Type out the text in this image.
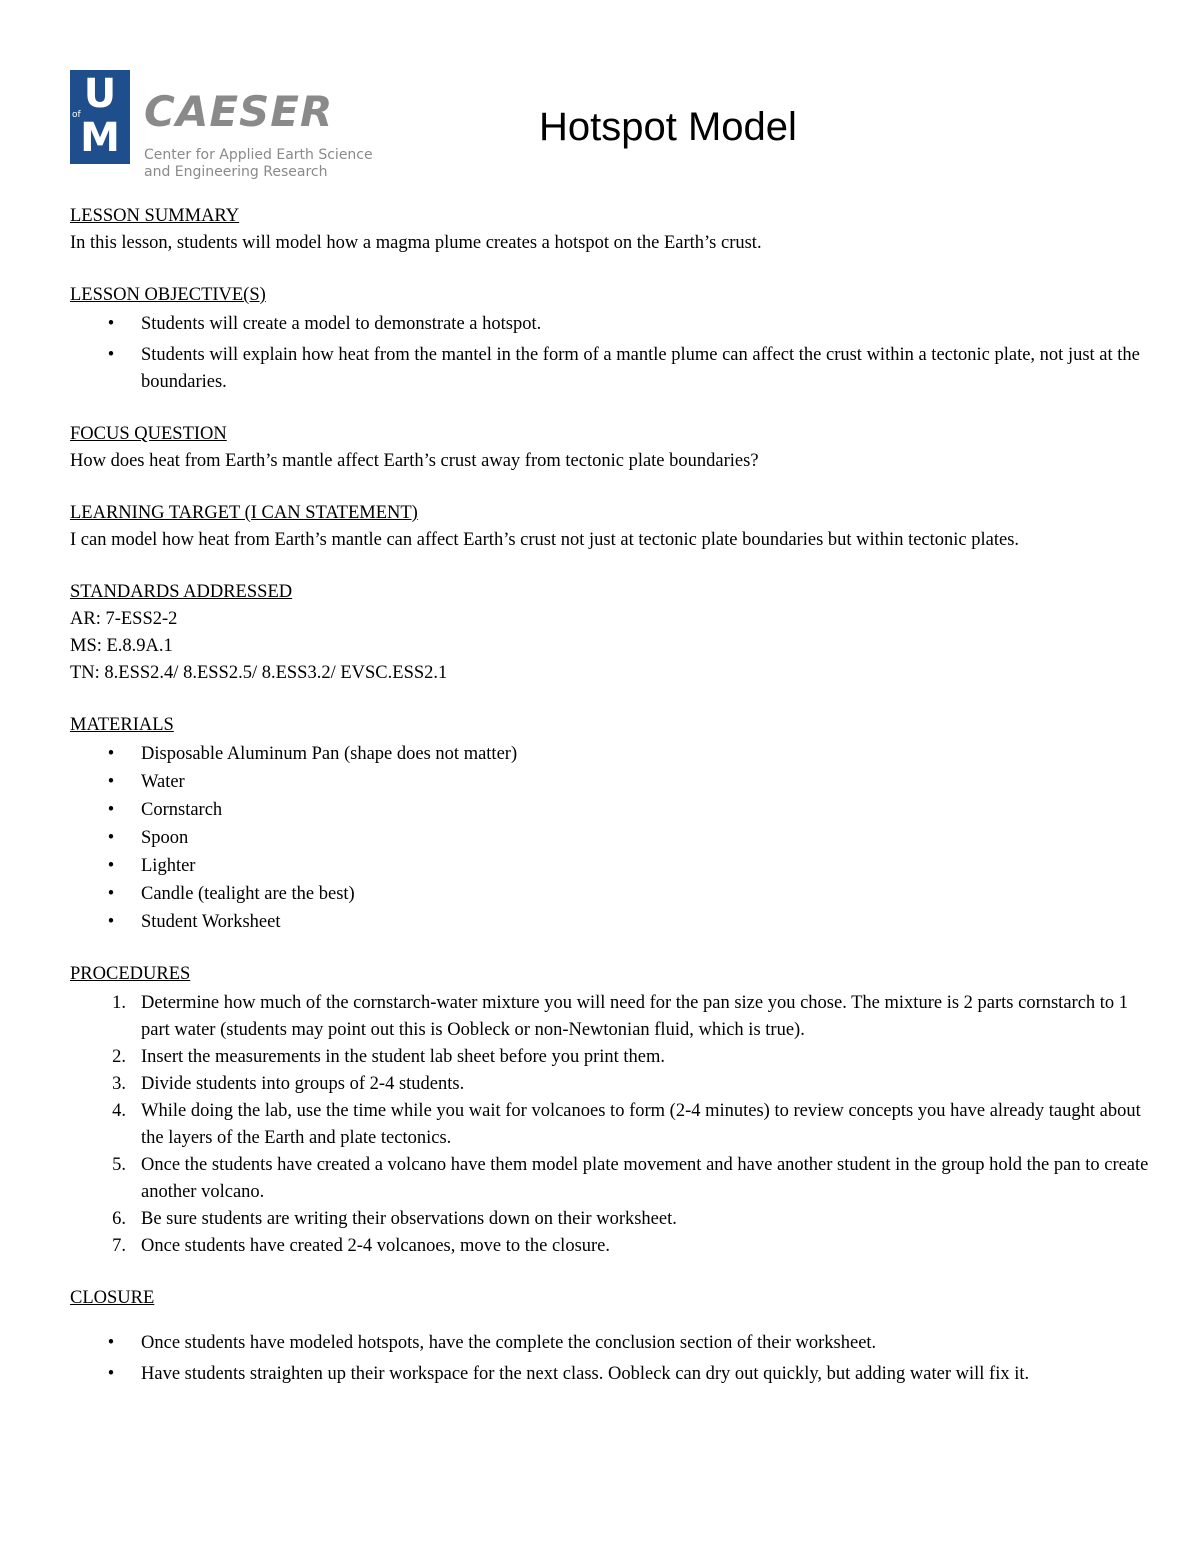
U
of M
CAESER
Center for Applied Earth Science
and Engineering Research
Hotspot Model

LESSON SUMMARY

In this lesson, students will model how a magma plume creates a hotspot on the Earth’s crust.

LESSON OBJECTIVE(S)

• Students will create a model to demonstrate a hotspot.
• Students will explain how heat from the mantel in the form of a mantle plume can affect the crust within a tectonic plate, not just at the boundaries.

FOCUS QUESTION

How does heat from Earth’s mantle affect Earth’s crust away from tectonic plate boundaries?

LEARNING TARGET (I CAN STATEMENT)

I can model how heat from Earth’s mantle can affect Earth’s crust not just at tectonic plate boundaries but within tectonic plates.

STANDARDS ADDRESSED

AR: 7-ESS2-2

MS: E.8.9A.1

TN: 8.ESS2.4/ 8.ESS2.5/ 8.ESS3.2/ EVSC.ESS2.1

MATERIALS

• Disposable Aluminum Pan (shape does not matter)
• Water
• Cornstarch
• Spoon
• Lighter
• Candle (tealight are the best)
• Student Worksheet

PROCEDURES

1. Determine how much of the cornstarch-water mixture you will need for the pan size you chose. The mixture is 2 parts cornstarch to 1 part water (students may point out this is Oobleck or non-Newtonian fluid, which is true).
2. Insert the measurements in the student lab sheet before you print them.
3. Divide students into groups of 2-4 students.
4. While doing the lab, use the time while you wait for volcanoes to form (2-4 minutes) to review concepts you have already taught about the layers of the Earth and plate tectonics.
5. Once the students have created a volcano have them model plate movement and have another student in the group hold the pan to create another volcano.
6. Be sure students are writing their observations down on their worksheet.
7. Once students have created 2-4 volcanoes, move to the closure.

CLOSURE

• Once students have modeled hotspots, have the complete the conclusion section of their worksheet.
• Have students straighten up their workspace for the next class. Oobleck can dry out quickly, but adding water will fix it.
